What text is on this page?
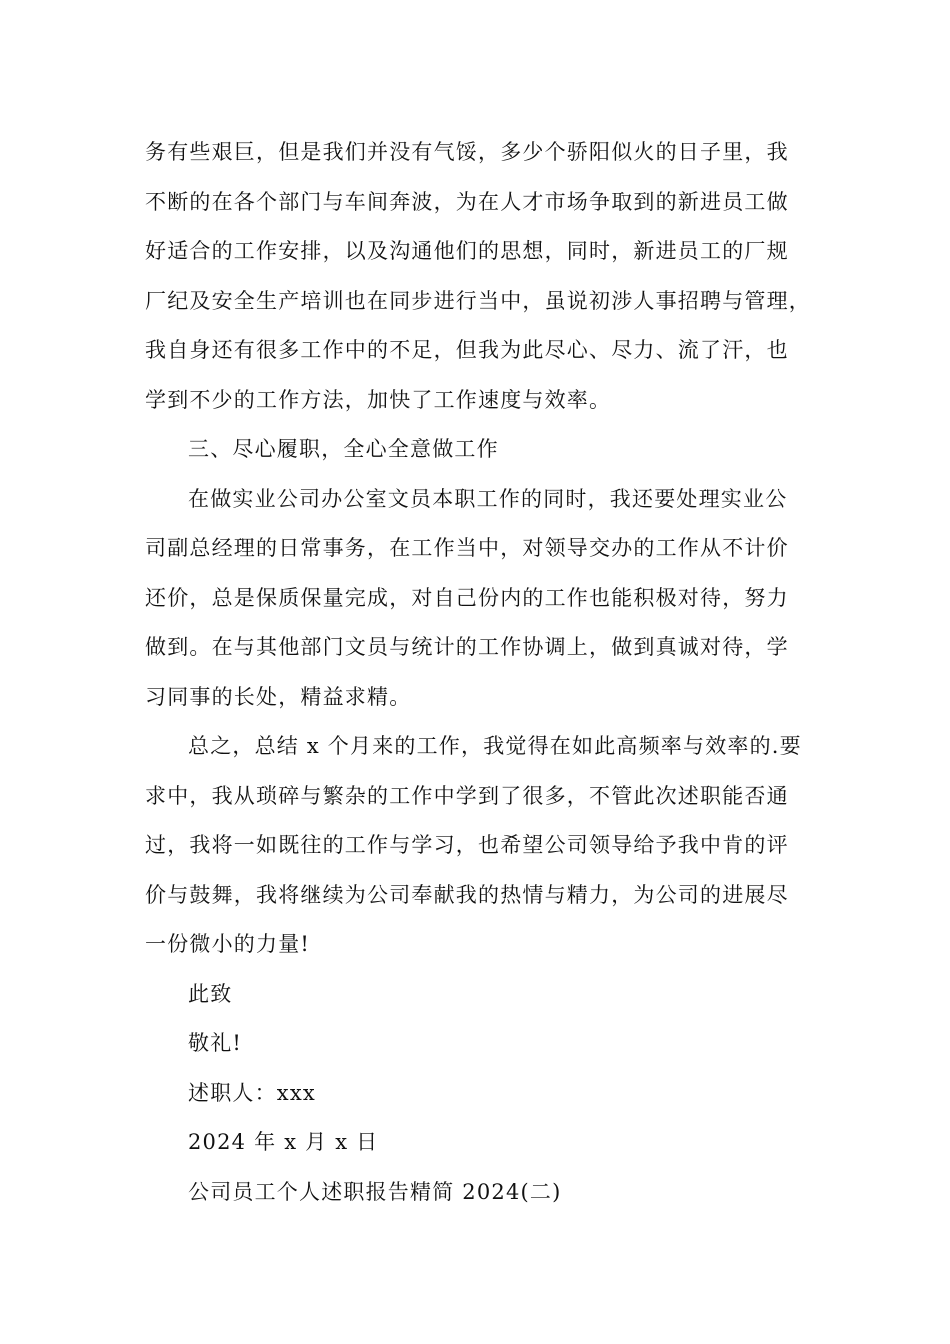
务有些艰巨，但是我们并没有气馁，多少个骄阳似火的日子里，我
不断的在各个部门与车间奔波，为在人才市场争取到的新进员工做
好适合的工作安排，以及沟通他们的思想，同时，新进员工的厂规
厂纪及安全生产培训也在同步进行当中，虽说初涉人事招聘与管理，
我自身还有很多工作中的不足，但我为此尽心、尽力、流了汗，也
学到不少的工作方法，加快了工作速度与效率。
三、尽心履职，全心全意做工作
在做实业公司办公室文员本职工作的同时，我还要处理实业公
司副总经理的日常事务，在工作当中，对领导交办的工作从不计价
还价，总是保质保量完成，对自己份内的工作也能积极对待，努力
做到。在与其他部门文员与统计的工作协调上，做到真诚对待，学
习同事的长处，精益求精。
总之，总结 x 个月来的工作，我觉得在如此高频率与效率的.要
求中，我从琐碎与繁杂的工作中学到了很多，不管此次述职能否通
过，我将一如既往的工作与学习，也希望公司领导给予我中肯的评
价与鼓舞，我将继续为公司奉献我的热情与精力，为公司的进展尽
一份微小的力量!
此致
敬礼!
述职人：xxx
2024 年 x 月 x 日
公司员工个人述职报告精简 2024(二)
